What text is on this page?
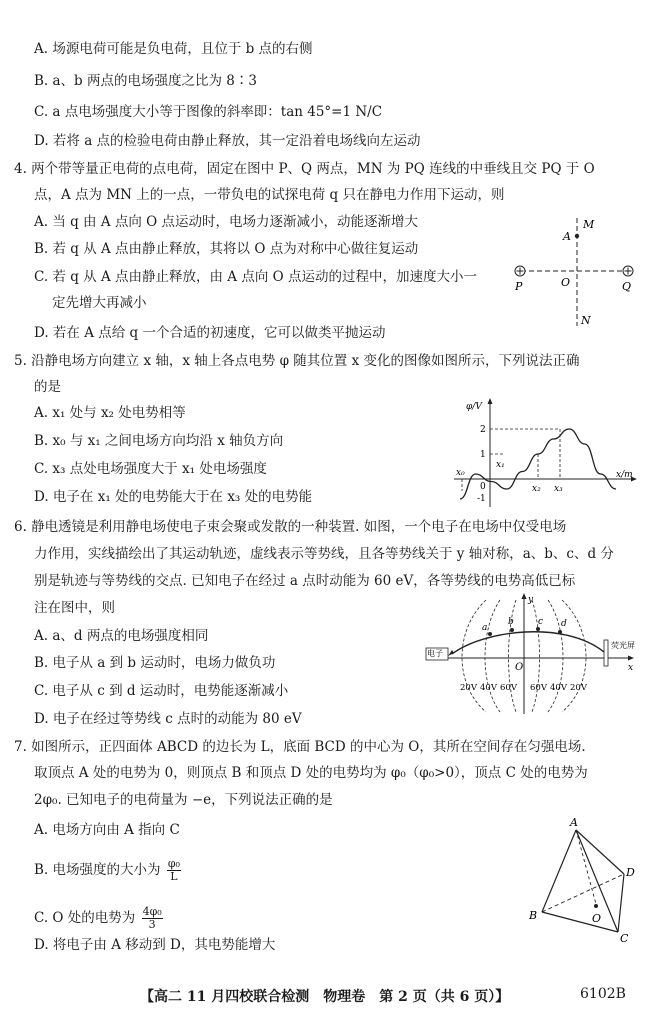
A. 场源电荷可能是负电荷，且位于 b 点的右侧
B. a、b 两点的电场强度之比为 8∶3
C. a 点电场强度大小等于图像的斜率即：tan 45°=1 N/C
D. 若将 a 点的检验电荷由静止释放，其一定沿着电场线向左运动
4. 两个带等量正电荷的点电荷，固定在图中 P、Q 两点，MN 为 PQ 连线的中垂线且交 PQ 于 O
点，A 点为 MN 上的一点，一带负电的试探电荷 q 只在静电力作用下运动，则
A. 当 q 由 A 点向 O 点运动时，电场力逐渐减小，动能逐渐增大
B. 若 q 从 A 点由静止释放，其将以 O 点为对称中心做往复运动
C. 若 q 从 A 点由静止释放，由 A 点向 O 点运动的过程中，加速度大小一
定先增大再减小
D. 若在 A 点给 q 一个合适的初速度，它可以做类平抛运动
5. 沿静电场方向建立 x 轴，x 轴上各点电势 φ 随其位置 x 变化的图像如图所示，下列说法正确
的是
A. x₁ 处与 x₂ 处电势相等
B. x₀ 与 x₁ 之间电场方向均沿 x 轴负方向
C. x₃ 点处电场强度大于 x₁ 处电场强度
D. 电子在 x₁ 处的电势能大于在 x₃ 处的电势能
6. 静电透镜是利用静电场使电子束会聚或发散的一种装置. 如图，一个电子在电场中仅受电场
力作用，实线描绘出了其运动轨迹，虚线表示等势线，且各等势线关于 y 轴对称，a、b、c、d 分
别是轨迹与等势线的交点. 已知电子在经过 a 点时动能为 60 eV，各等势线的电势高低已标
注在图中，则
A. a、d 两点的电场强度相同
B. 电子从 a 到 b 运动时，电场力做负功
C. 电子从 c 到 d 运动时，电势能逐渐减小
D. 电子在经过等势线 c 点时的动能为 80 eV
7. 如图所示，正四面体 ABCD 的边长为 L，底面 BCD 的中心为 O，其所在空间存在匀强电场.
取顶点 A 处的电势为 0，则顶点 B 和顶点 D 处的电势均为 φ₀（φ₀>0），顶点 C 处的电势为
2φ₀. 已知电子的电荷量为 −e，下列说法正确的是
A. 电场方向由 A 指向 C
B. 电场强度的大小为 $\frac{\text{φ₀}}{L}$
C. O 处的电势为 $\frac{\text{4φ₀}}{3}$
D. 将电子由 A 移动到 D，其电势能增大
M
A
P	O	Q
N
φ/V
x/m
2
1
0
-1
x₀
x₁
x₂ x₃
y
x
O
a
b	c d
电子
荧光屏
20V 40V 60V 60V 40V 20V
A
B
C
D
O
【高二 11 月四校联合检测　物理卷　第 2 页（共 6 页）】	6102B
